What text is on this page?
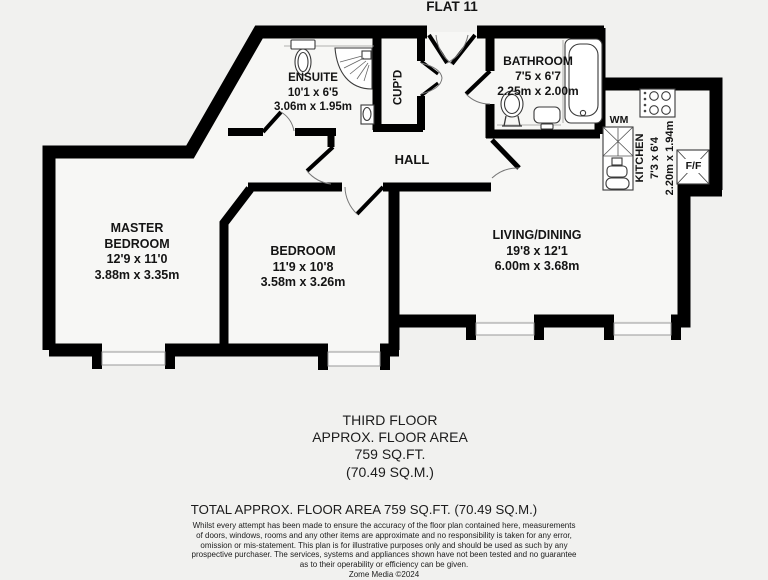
FLAT 11
ENSUITE
10'1 x 6'5
3.06m x 1.95m
CUP'D
BATHROOM
7'5 x 6'7
2.25m x 2.00m
WM
KITCHEN 7'3 x 6'4 2.20m x 1.94m F/F
HALL
MASTER
BEDROOM
12'9 x 11'0
3.88m x 3.35m
BEDROOM
11'9 x 10'8
3.58m x 3.26m
LIVING/DINING
19'8 x 12'1
6.00m x 3.68m
THIRD FLOOR
APPROX. FLOOR AREA
759 SQ.FT.
(70.49 SQ.M.)
TOTAL APPROX. FLOOR AREA 759 SQ.FT. (70.49 SQ.M.)
Whilst every attempt has been made to ensure the accuracy of the floor plan contained here, measurements
of doors, windows, rooms and any other items are approximate and no responsibility is taken for any error,
omission or mis-statement. This plan is for illustrative purposes only and should be used as such by any
prospective purchaser. The services, systems and appliances shown have not been tested and no guarantee
as to their operability or efficiency can be given.
Zome Media ©2024
